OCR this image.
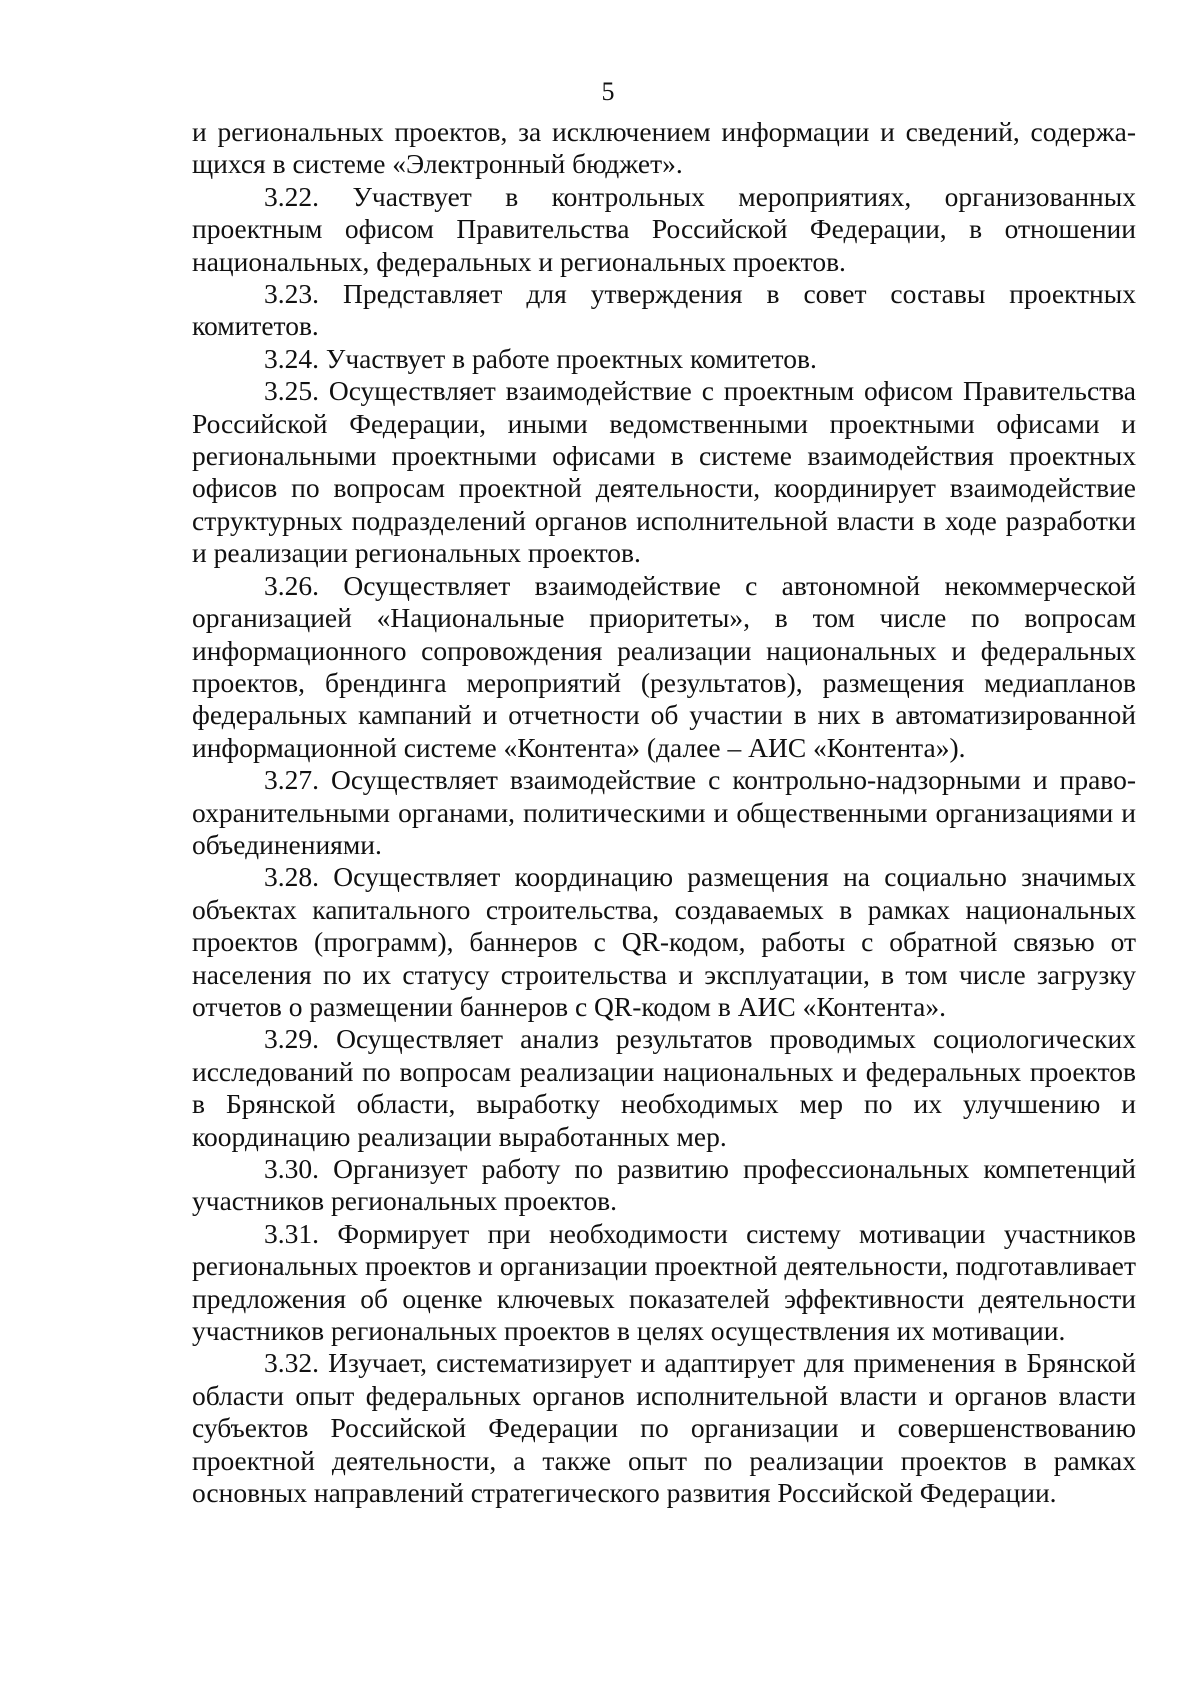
5

и региональных проектов, за исключением информации и сведений, содержащихся в системе «Электронный бюджет».

3.22. Участвует в контрольных мероприятиях, организованных проектным офисом Правительства Российской Федерации, в отношении национальных, федеральных и региональных проектов.

3.23. Представляет для утверждения в совет составы проектных комитетов.

3.24. Участвует в работе проектных комитетов.

3.25. Осуществляет взаимодействие с проектным офисом Правительства Российской Федерации, иными ведомственными проектными офисами и региональными проектными офисами в системе взаимодействия проектных офисов по вопросам проектной деятельности, координирует взаимодействие структурных подразделений органов исполнительной власти в ходе разработки и реализации региональных проектов.

3.26. Осуществляет взаимодействие с автономной некоммерческой организацией «Национальные приоритеты», в том числе по вопросам информационного сопровождения реализации национальных и федеральных проектов, брендинга мероприятий (результатов), размещения медиапланов федеральных кампаний и отчетности об участии в них в автоматизированной информационной системе «Контента» (далее – АИС «Контента»).

3.27. Осуществляет взаимодействие с контрольно-надзорными и правоохранительными органами, политическими и общественными организациями и объединениями.

3.28. Осуществляет координацию размещения на социально значимых объектах капитального строительства, создаваемых в рамках национальных проектов (программ), баннеров с QR-кодом, работы с обратной связью от населения по их статусу строительства и эксплуатации, в том числе загрузку отчетов о размещении баннеров с QR-кодом в АИС «Контента».

3.29. Осуществляет анализ результатов проводимых социологических исследований по вопросам реализации национальных и федеральных проектов в Брянской области, выработку необходимых мер по их улучшению и координацию реализации выработанных мер.

3.30. Организует работу по развитию профессиональных компетенций участников региональных проектов.

3.31. Формирует при необходимости систему мотивации участников региональных проектов и организации проектной деятельности, подготавливает предложения об оценке ключевых показателей эффективности деятельности участников региональных проектов в целях осуществления их мотивации.

3.32. Изучает, систематизирует и адаптирует для применения в Брянской области опыт федеральных органов исполнительной власти и органов власти субъектов Российской Федерации по организации и совершенствованию проектной деятельности, а также опыт по реализации проектов в рамках основных направлений стратегического развития Российской Федерации.
